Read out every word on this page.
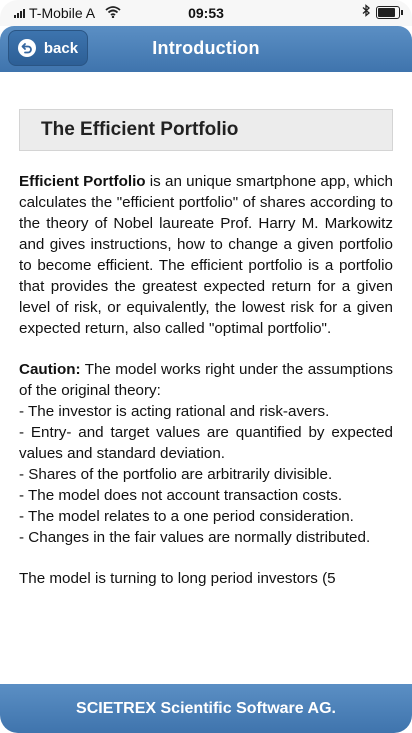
T-Mobile A	09:53
back	Introduction
The Efficient Portfolio
Efficient Portfolio is an unique smartphone app, which calculates the "efficient portfolio" of shares according to the theory of Nobel laureate Prof. Harry M. Markowitz and gives instructions, how to change a given portfolio to become efficient. The efficient portfolio is a portfolio that provides the greatest expected return for a given level of risk, or equivalently, the lowest risk for a given expected return, also called "optimal portfolio".
Caution: The model works right under the assumptions of the original theory:
- The investor is acting rational and risk-avers.
- Entry- and target values are quantified by expected values and standard deviation.
- Shares of the portfolio are arbitrarily divisible.
- The model does not account transaction costs.
- The model relates to a one period consideration.
- Changes in the fair values are normally distributed.
The model is turning to long period investors (5
SCIETREX Scientific Software AG.
